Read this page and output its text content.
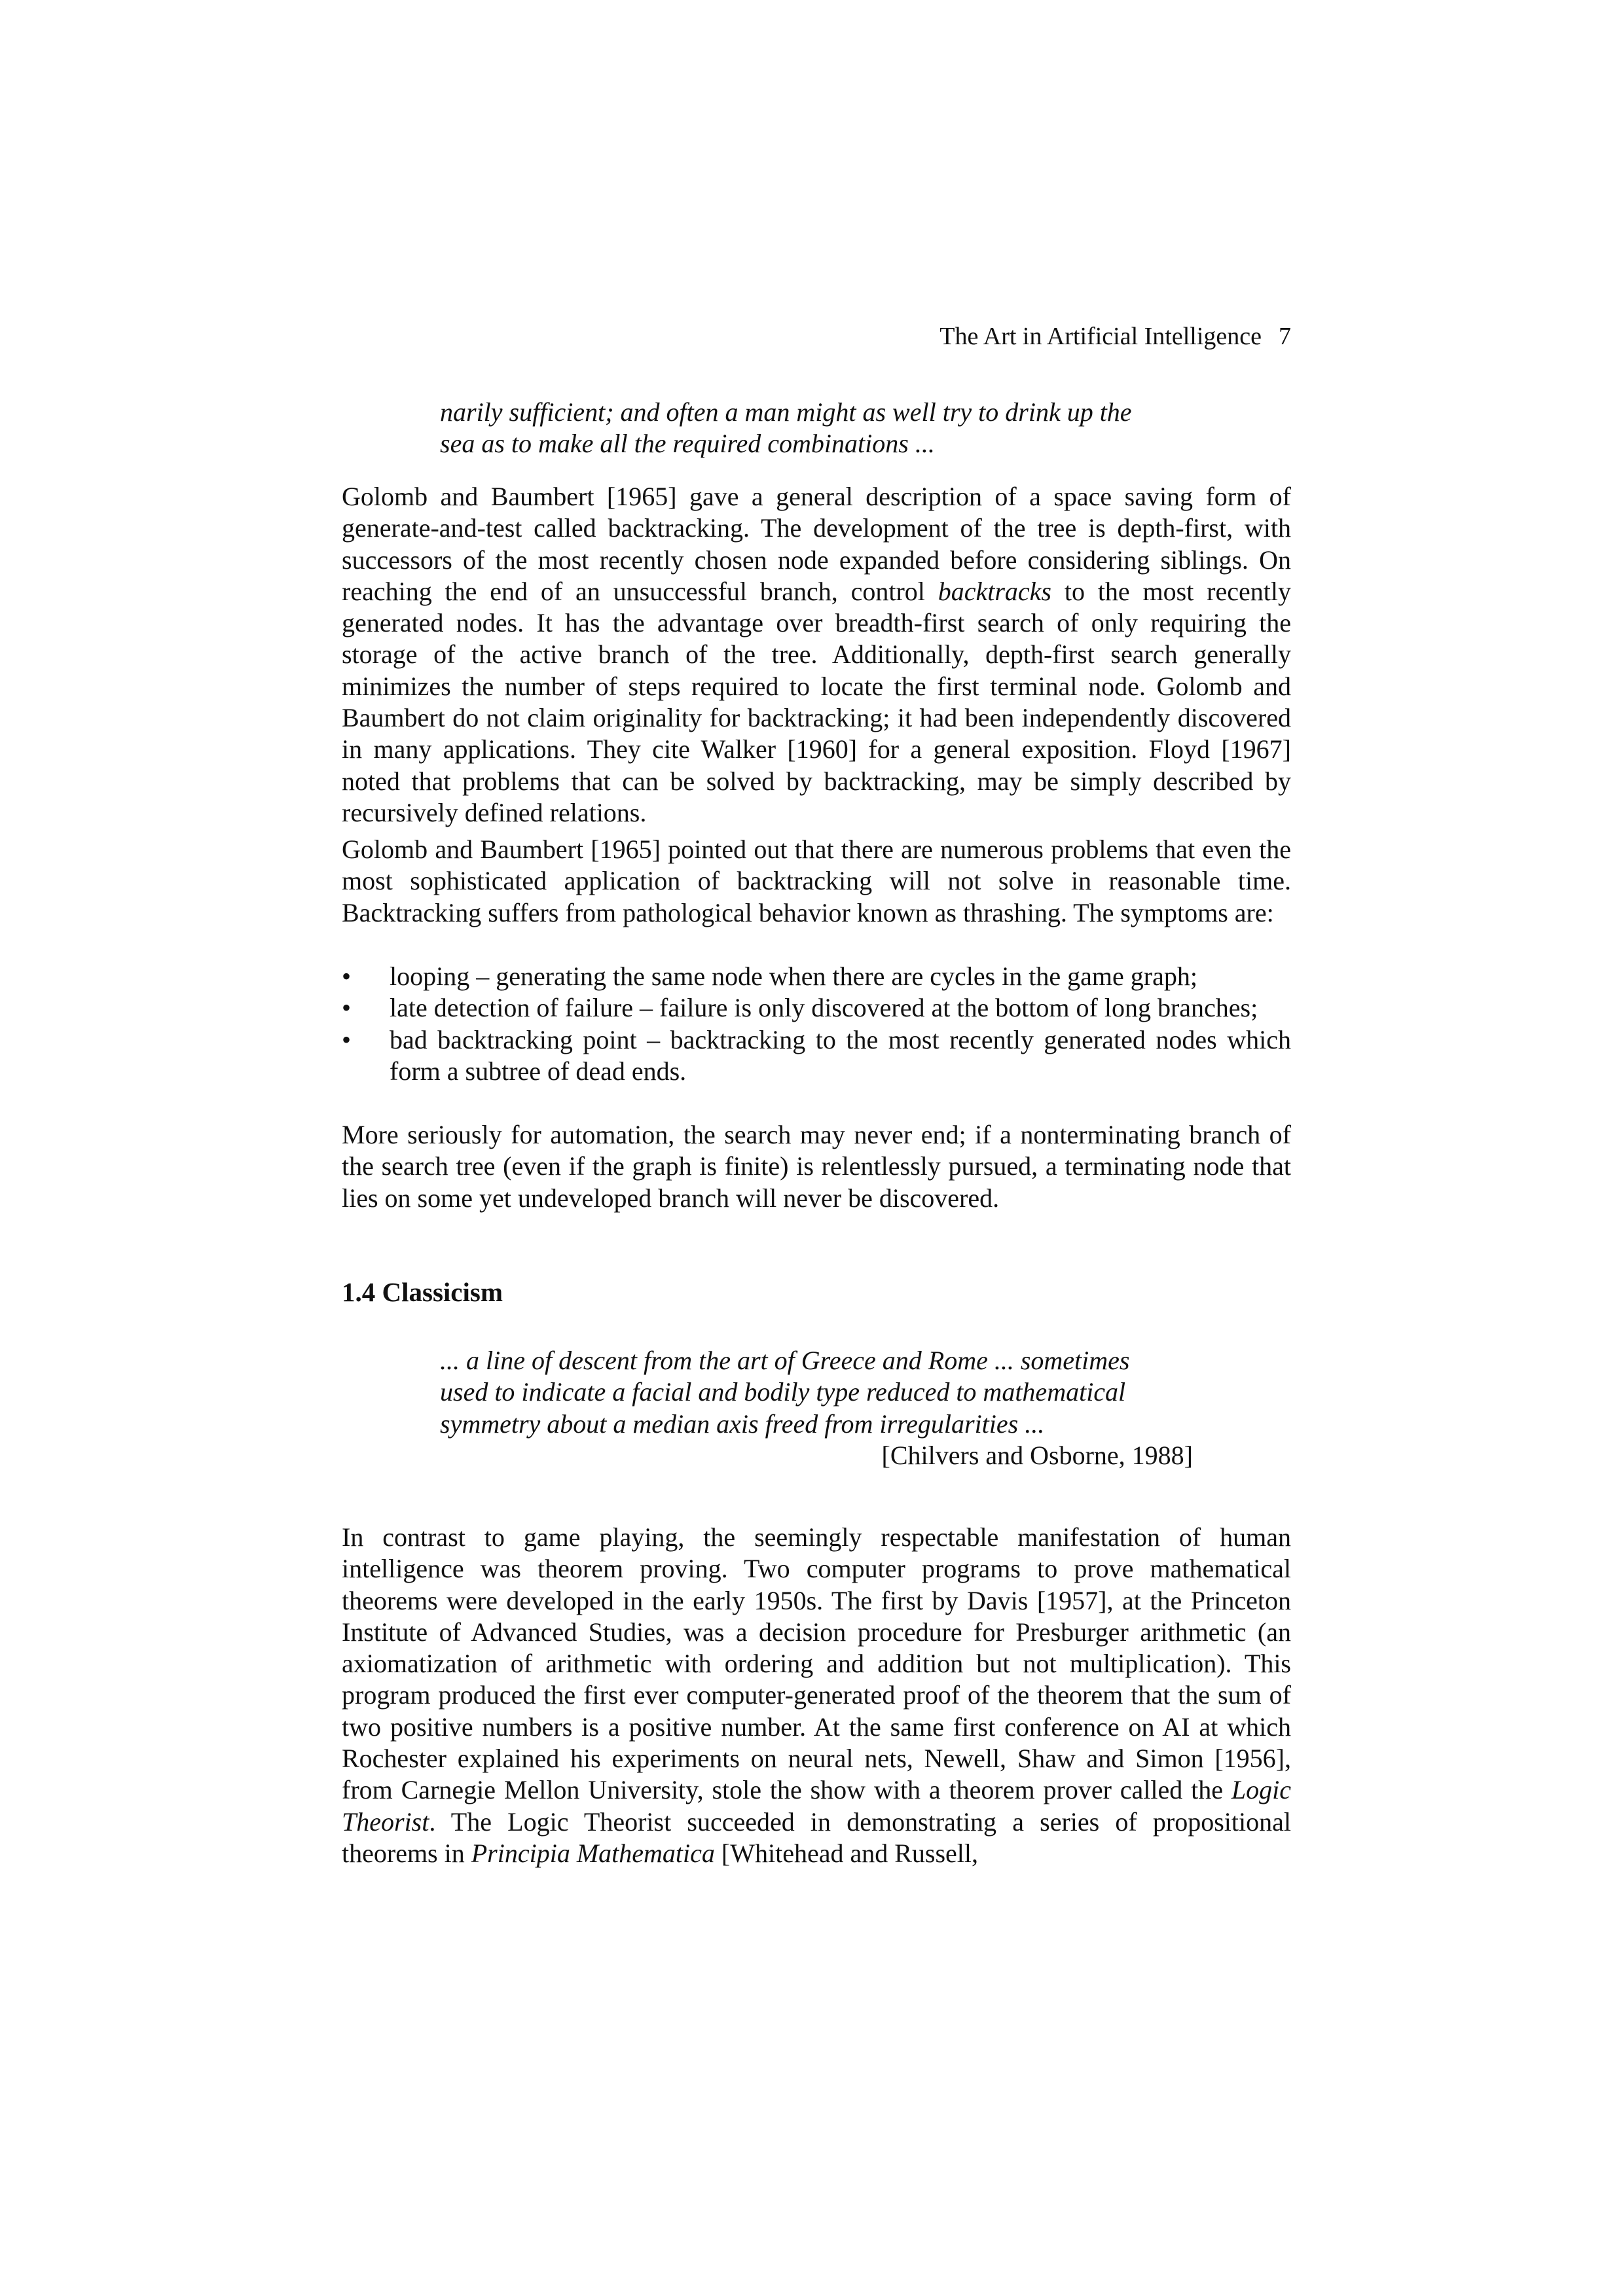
The Art in Artificial Intelligence 7
narily sufficient; and often a man might as well try to drink up the
sea as to make all the required combinations ...

Golomb and Baumbert [1965] gave a general description of a space saving form of generate-and-test called backtracking. The development of the tree is depth-first, with successors of the most recently chosen node expanded before considering siblings. On reaching the end of an unsuccessful branch, control backtracks to the most recently generated nodes. It has the advantage over breadth-first search of only requiring the storage of the active branch of the tree. Additionally, depth-first search generally minimizes the number of steps required to locate the first terminal node. Golomb and Baumbert do not claim originality for backtracking; it had been independently discovered in many applications. They cite Walker [1960] for a general exposition. Floyd [1967] noted that problems that can be solved by backtracking, may be simply described by recursively defined relations.

Golomb and Baumbert [1965] pointed out that there are numerous problems that even the most sophisticated application of backtracking will not solve in reasonable time. Backtracking suffers from pathological behavior known as thrashing. The symptoms are:

• looping – generating the same node when there are cycles in the game graph;
• late detection of failure – failure is only discovered at the bottom of long branches;
• bad backtracking point – backtracking to the most recently generated nodes which form a subtree of dead ends.

More seriously for automation, the search may never end; if a nonterminating branch of the search tree (even if the graph is finite) is relentlessly pursued, a terminating node that lies on some yet undeveloped branch will never be discovered.

1.4 Classicism
... a line of descent from the art of Greece and Rome ... sometimes
used to indicate a facial and bodily type reduced to mathematical
symmetry about a median axis freed from irregularities ...
[Chilvers and Osborne, 1988]

In contrast to game playing, the seemingly respectable manifestation of human intelligence was theorem proving. Two computer programs to prove mathematical theorems were developed in the early 1950s. The first by Davis [1957], at the Princeton Institute of Advanced Studies, was a decision procedure for Presburger arithmetic (an axiomatization of arithmetic with ordering and addition but not multiplication). This program produced the first ever computer-generated proof of the theorem that the sum of two positive numbers is a positive number. At the same first conference on AI at which Rochester explained his experiments on neural nets, Newell, Shaw and Simon [1956], from Carnegie Mellon University, stole the show with a theorem prover called the Logic Theorist. The Logic Theorist succeeded in demonstrating a series of propositional theorems in Principia Mathematica [Whitehead and Russell,
